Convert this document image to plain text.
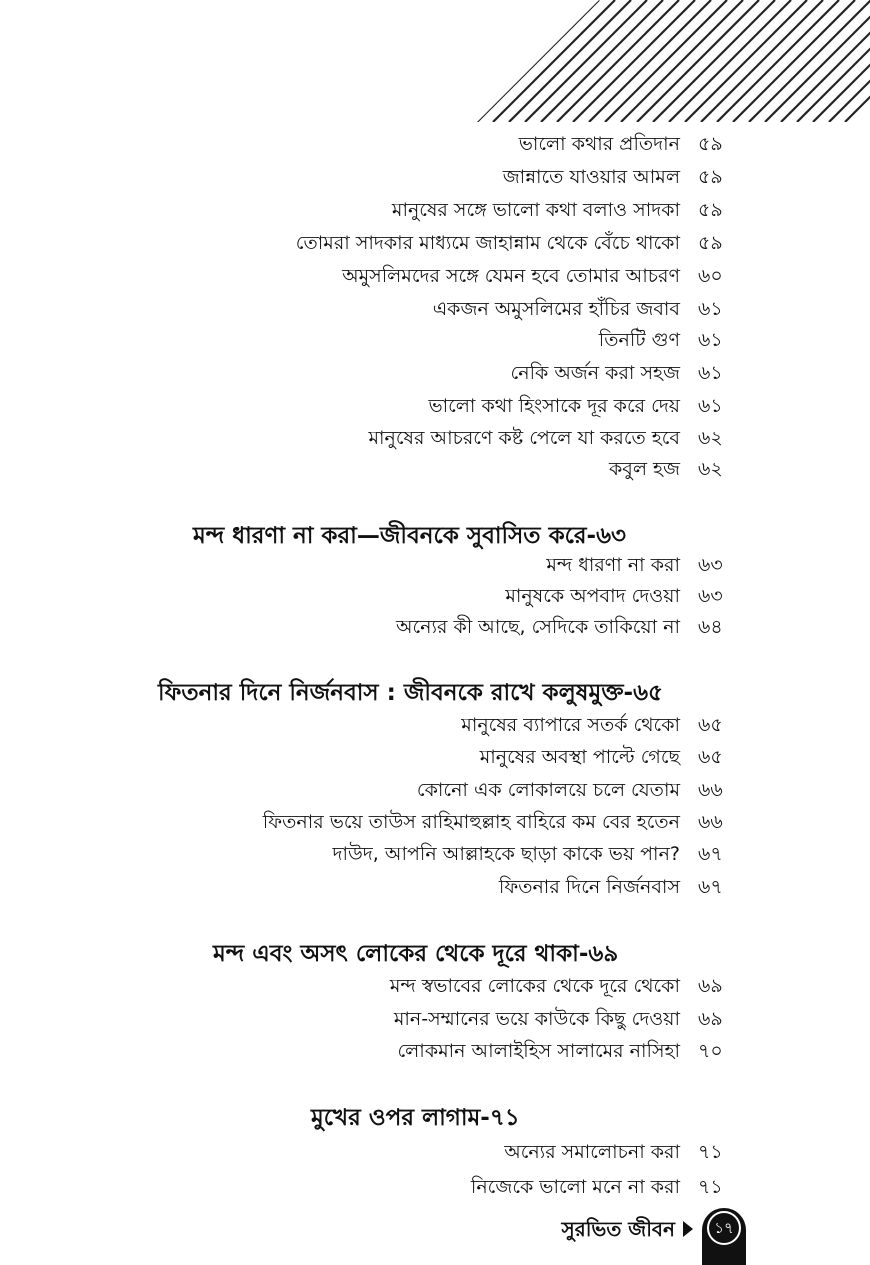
ভালো কথার প্রতিদান ৫৯
জান্নাতে যাওয়ার আমল ৫৯
মানুষের সঙ্গে ভালো কথা বলাও সাদকা ৫৯
তোমরা সাদকার মাধ্যমে জাহান্নাম থেকে বেঁচে থাকো ৫৯
অমুসলিমদের সঙ্গে যেমন হবে তোমার আচরণ ৬০
একজন অমুসলিমের হাঁচির জবাব ৬১
তিনটি গুণ ৬১
নেকি অর্জন করা সহজ ৬১
ভালো কথা হিংসাকে দূর করে দেয় ৬১
মানুষের আচরণে কষ্ট পেলে যা করতে হবে ৬২
কবুল হজ ৬২
মন্দ ধারণা না করা—জীবনকে সুবাসিত করে-৬৩
মন্দ ধারণা না করা ৬৩
মানুষকে অপবাদ দেওয়া ৬৩
অন্যের কী আছে, সেদিকে তাকিয়ো না ৬৪
ফিতনার দিনে নির্জনবাস : জীবনকে রাখে কলুষমুক্ত-৬৫
মানুষের ব্যাপারে সতর্ক থেকো ৬৫
মানুষের অবস্থা পাল্টে গেছে ৬৫
কোনো এক লোকালয়ে চলে যেতাম ৬৬
ফিতনার ভয়ে তাউস রাহিমাহুল্লাহ বাহিরে কম বের হতেন ৬৬
দাউদ, আপনি আল্লাহকে ছাড়া কাকে ভয় পান? ৬৭
ফিতনার দিনে নির্জনবাস ৬৭
মন্দ এবং অসৎ লোকের থেকে দূরে থাকা-৬৯
মন্দ স্বভাবের লোকের থেকে দূরে থেকো ৬৯
মান-সম্মানের ভয়ে কাউকে কিছু দেওয়া ৬৯
লোকমান আলাইহিস সালামের নাসিহা ৭০
মুখের ওপর লাগাম-৭১
অন্যের সমালোচনা করা ৭১
নিজেকে ভালো মনে না করা ৭১
সুরভিত জীবন	১৭
